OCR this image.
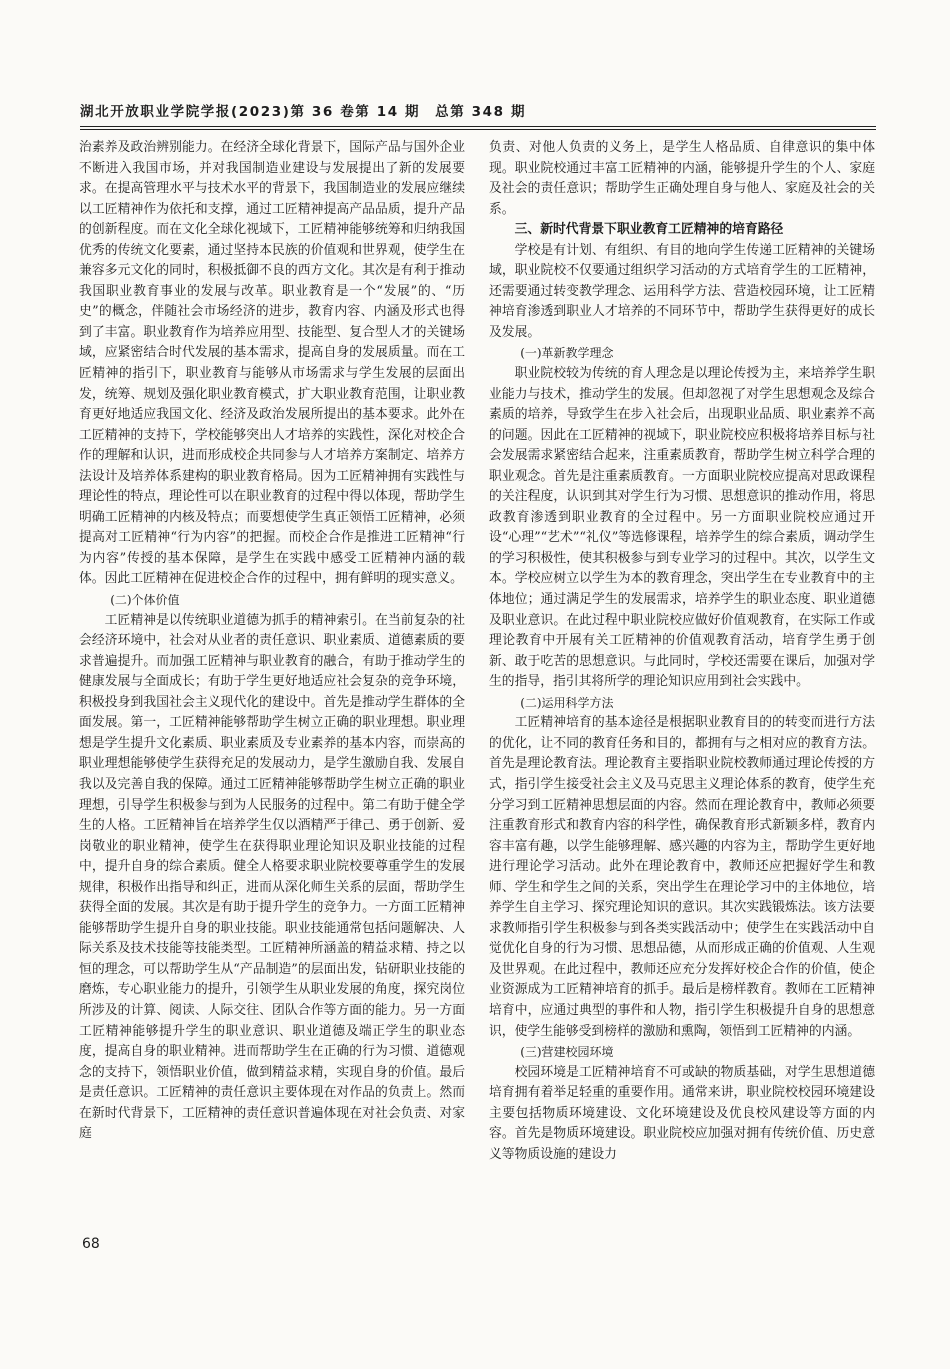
湖北开放职业学院学报(2023)第 36 卷第 14 期　总第 348 期

治素养及政治辨别能力。在经济全球化背景下，国际产品与国外企业不断进入我国市场，并对我国制造业建设与发展提出了新的发展要求。在提高管理水平与技术水平的背景下，我国制造业的发展应继续以工匠精神作为依托和支撑，通过工匠精神提高产品品质，提升产品的创新程度。而在文化全球化视域下，工匠精神能够统筹和归纳我国优秀的传统文化要素，通过坚持本民族的价值观和世界观，使学生在兼容多元文化的同时，积极抵御不良的西方文化。其次是有利于推动我国职业教育事业的发展与改革。职业教育是一个“发展”的、“历史”的概念，伴随社会市场经济的进步，教育内容、内涵及形式也得到了丰富。职业教育作为培养应用型、技能型、复合型人才的关键场域，应紧密结合时代发展的基本需求，提高自身的发展质量。而在工匠精神的指引下，职业教育与能够从市场需求与学生发展的层面出发，统筹、规划及强化职业教育模式，扩大职业教育范围，让职业教育更好地适应我国文化、经济及政治发展所提出的基本要求。此外在工匠精神的支持下，学校能够突出人才培养的实践性，深化对校企合作的理解和认识，进而形成校企共同参与人才培养方案制定、培养方法设计及培养体系建构的职业教育格局。因为工匠精神拥有实践性与理论性的特点，理论性可以在职业教育的过程中得以体现，帮助学生明确工匠精神的内核及特点；而要想使学生真正领悟工匠精神，必须提高对工匠精神“行为内容”的把握。而校企合作是推进工匠精神“行为内容”传授的基本保障，是学生在实践中感受工匠精神内涵的载体。因此工匠精神在促进校企合作的过程中，拥有鲜明的现实意义。

(二)个体价值

工匠精神是以传统职业道德为抓手的精神索引。在当前复杂的社会经济环境中，社会对从业者的责任意识、职业素质、道德素质的要求普遍提升。而加强工匠精神与职业教育的融合，有助于推动学生的健康发展与全面成长；有助于学生更好地适应社会复杂的竞争环境，积极投身到我国社会主义现代化的建设中。首先是推动学生群体的全面发展。第一，工匠精神能够帮助学生树立正确的职业理想。职业理想是学生提升文化素质、职业素质及专业素养的基本内容，而崇高的职业理想能够使学生获得充足的发展动力，是学生激励自我、发展自我以及完善自我的保障。通过工匠精神能够帮助学生树立正确的职业理想，引导学生积极参与到为人民服务的过程中。第二有助于健全学生的人格。工匠精神旨在培养学生仅以酒精严于律己、勇于创新、爱岗敬业的职业精神，使学生在获得职业理论知识及职业技能的过程中，提升自身的综合素质。健全人格要求职业院校要尊重学生的发展规律，积极作出指导和纠正，进而从深化师生关系的层面，帮助学生获得全面的发展。其次是有助于提升学生的竞争力。一方面工匠精神能够帮助学生提升自身的职业技能。职业技能通常包括问题解决、人际关系及技术技能等技能类型。工匠精神所涵盖的精益求精、持之以恒的理念，可以帮助学生从“产品制造”的层面出发，钻研职业技能的磨炼，专心职业能力的提升，引领学生从职业发展的角度，探究岗位所涉及的计算、阅读、人际交往、团队合作等方面的能力。另一方面工匠精神能够提升学生的职业意识、职业道德及端正学生的职业态度，提高自身的职业精神。进而帮助学生在正确的行为习惯、道德观念的支持下，领悟职业价值，做到精益求精，实现自身的价值。最后是责任意识。工匠精神的责任意识主要体现在对作品的负责上。然而在新时代背景下，工匠精神的责任意识普遍体现在对社会负责、对家庭

负责、对他人负责的义务上，是学生人格品质、自律意识的集中体现。职业院校通过丰富工匠精神的内涵，能够提升学生的个人、家庭及社会的责任意识；帮助学生正确处理自身与他人、家庭及社会的关系。

三、新时代背景下职业教育工匠精神的培育路径

学校是有计划、有组织、有目的地向学生传递工匠精神的关键场域，职业院校不仅要通过组织学习活动的方式培育学生的工匠精神，还需要通过转变教学理念、运用科学方法、营造校园环境，让工匠精神培育渗透到职业人才培养的不同环节中，帮助学生获得更好的成长及发展。

(一)革新教学理念

职业院校较为传统的育人理念是以理论传授为主，来培养学生职业能力与技术，推动学生的发展。但却忽视了对学生思想观念及综合素质的培养，导致学生在步入社会后，出现职业品质、职业素养不高的问题。因此在工匠精神的视域下，职业院校应积极将培养目标与社会发展需求紧密结合起来，注重素质教育，帮助学生树立科学合理的职业观念。首先是注重素质教育。一方面职业院校应提高对思政课程的关注程度，认识到其对学生行为习惯、思想意识的推动作用，将思政教育渗透到职业教育的全过程中。另一方面职业院校应通过开设“心理”“艺术”“礼仪”等选修课程，培养学生的综合素质，调动学生的学习积极性，使其积极参与到专业学习的过程中。其次，以学生文本。学校应树立以学生为本的教育理念，突出学生在专业教育中的主体地位；通过满足学生的发展需求，培养学生的职业态度、职业道德及职业意识。在此过程中职业院校应做好价值观教育，在实际工作或理论教育中开展有关工匠精神的价值观教育活动，培育学生勇于创新、敢于吃苦的思想意识。与此同时，学校还需要在课后，加强对学生的指导，指引其将所学的理论知识应用到社会实践中。

(二)运用科学方法

工匠精神培育的基本途径是根据职业教育目的的转变而进行方法的优化，让不同的教育任务和目的，都拥有与之相对应的教育方法。首先是理论教育法。理论教育主要指职业院校教师通过理论传授的方式，指引学生接受社会主义及马克思主义理论体系的教育，使学生充分学习到工匠精神思想层面的内容。然而在理论教育中，教师必须要注重教育形式和教育内容的科学性，确保教育形式新颖多样，教育内容丰富有趣，以学生能够理解、感兴趣的内容为主，帮助学生更好地进行理论学习活动。此外在理论教育中，教师还应把握好学生和教师、学生和学生之间的关系，突出学生在理论学习中的主体地位，培养学生自主学习、探究理论知识的意识。其次实践锻炼法。该方法要求教师指引学生积极参与到各类实践活动中；使学生在实践活动中自觉优化自身的行为习惯、思想品德，从而形成正确的价值观、人生观及世界观。在此过程中，教师还应充分发挥好校企合作的价值，使企业资源成为工匠精神培育的抓手。最后是榜样教育。教师在工匠精神培育中，应通过典型的事件和人物，指引学生积极提升自身的思想意识，使学生能够受到榜样的激励和熏陶，领悟到工匠精神的内涵。

(三)营建校园环境

校园环境是工匠精神培育不可或缺的物质基础，对学生思想道德培育拥有着举足轻重的重要作用。通常来讲，职业院校校园环境建设主要包括物质环境建设、文化环境建设及优良校风建设等方面的内容。首先是物质环境建设。职业院校应加强对拥有传统价值、历史意义等物质设施的建设力

68
